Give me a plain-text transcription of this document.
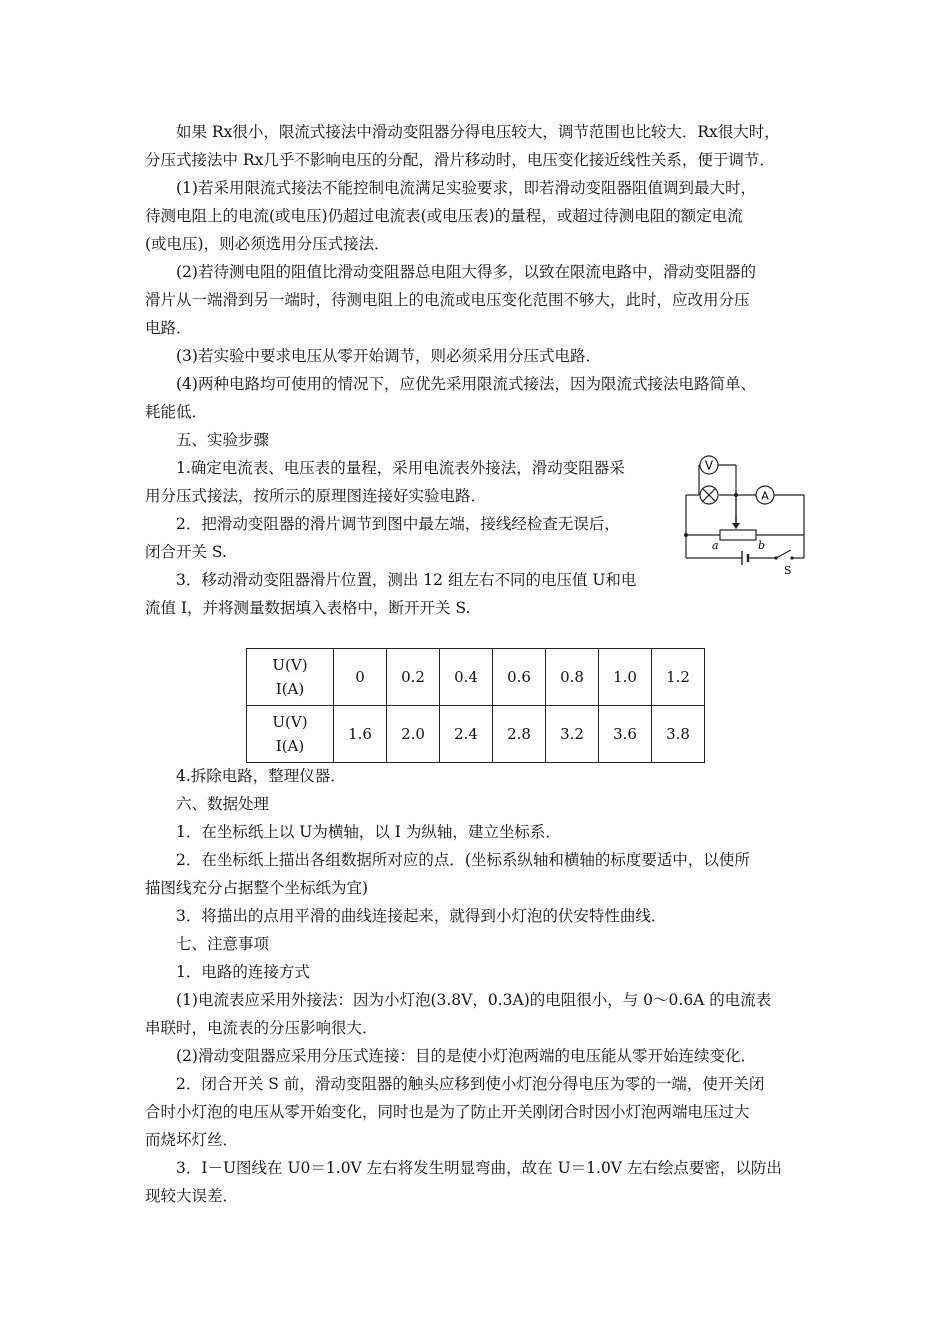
如果 Rx很小，限流式接法中滑动变阻器分得电压较大，调节范围也比较大．Rx很大时，
分压式接法中 Rx几乎不影响电压的分配，滑片移动时，电压变化接近线性关系，便于调节．
(1)若采用限流式接法不能控制电流满足实验要求，即若滑动变阻器阻值调到最大时，
待测电阻上的电流(或电压)仍超过电流表(或电压表)的量程，或超过待测电阻的额定电流
(或电压)，则必须选用分压式接法．
(2)若待测电阻的阻值比滑动变阻器总电阻大得多，以致在限流电路中，滑动变阻器的
滑片从一端滑到另一端时，待测电阻上的电流或电压变化范围不够大，此时，应改用分压
电路．
(3)若实验中要求电压从零开始调节，则必须采用分压式电路．
(4)两种电路均可使用的情况下，应优先采用限流式接法，因为限流式接法电路简单、
耗能低．
五、实验步骤
1.确定电流表、电压表的量程，采用电流表外接法，滑动变阻器采
用分压式接法，按所示的原理图连接好实验电路．
2．把滑动变阻器的滑片调节到图中最左端，接线经检查无误后，
闭合开关 S.
3．移动滑动变阻器滑片位置，测出 12 组左右不同的电压值 U和电
流值 I，并将测量数据填入表格中，断开开关 S.
V
A
a	b
S
U(V)
I(A)	0	0.2	0.4	0.6	0.8	1.0	1.2

U(V)
I(A)	1.6	2.0	2.4	2.8	3.2	3.6	3.8
4.拆除电路，整理仪器．
六、数据处理
1．在坐标纸上以 U为横轴，以 I 为纵轴，建立坐标系．
2．在坐标纸上描出各组数据所对应的点．(坐标系纵轴和横轴的标度要适中，以使所
描图线充分占据整个坐标纸为宜)
3．将描出的点用平滑的曲线连接起来，就得到小灯泡的伏安特性曲线．
七、注意事项
1．电路的连接方式
(1)电流表应采用外接法：因为小灯泡(3.8V，0.3A)的电阻很小，与 0～0.6A 的电流表
串联时，电流表的分压影响很大．
(2)滑动变阻器应采用分压式连接：目的是使小灯泡两端的电压能从零开始连续变化．
2．闭合开关 S 前，滑动变阻器的触头应移到使小灯泡分得电压为零的一端，使开关闭
合时小灯泡的电压从零开始变化，同时也是为了防止开关刚闭合时因小灯泡两端电压过大
而烧坏灯丝．
3．I－U图线在 U0＝1.0V 左右将发生明显弯曲，故在 U＝1.0V 左右绘点要密，以防出
现较大误差．
